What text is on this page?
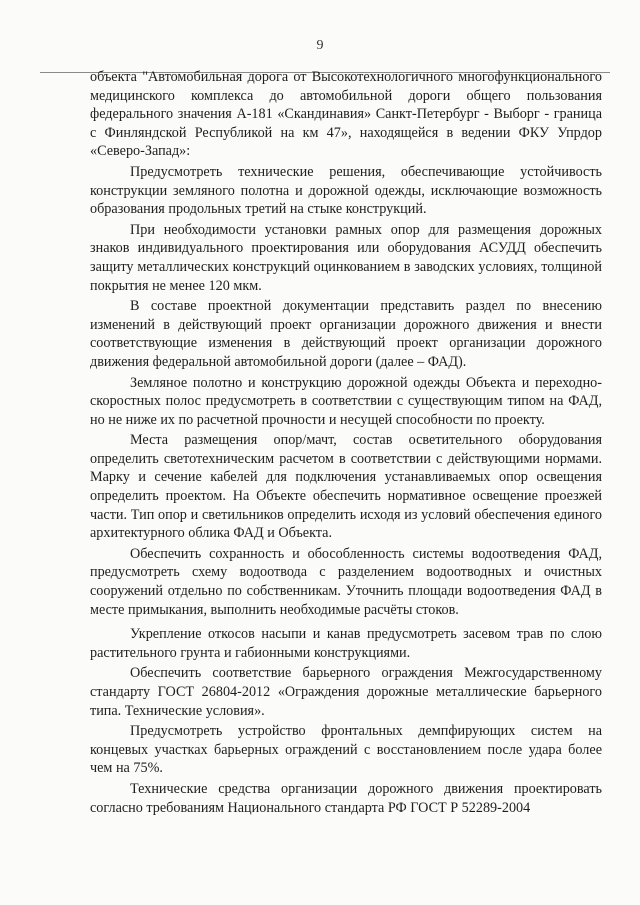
9

объекта "Автомобильная дорога от Высокотехнологичного многофункционального медицинского комплекса до автомобильной дороги общего пользования федерального значения А-181 «Скандинавия» Санкт-Петербург - Выборг - граница с Финляндской Республикой на км 47», находящейся в ведении ФКУ Упрдор «Северо-Запад»:

Предусмотреть технические решения, обеспечивающие устойчивость конструкции земляного полотна и дорожной одежды, исключающие возможность образования продольных третий на стыке конструкций.

При необходимости установки рамных опор для размещения дорожных знаков индивидуального проектирования или оборудования АСУДД обеспечить защиту металлических конструкций оцинкованием в заводских условиях, толщиной покрытия не менее 120 мкм.

В составе проектной документации представить раздел по внесению изменений в действующий проект организации дорожного движения и внести соответствующие изменения в действующий проект организации дорожного движения федеральной автомобильной дороги (далее – ФАД).

Земляное полотно и конструкцию дорожной одежды Объекта и переходно-скоростных полос предусмотреть в соответствии с существующим типом на ФАД, но не ниже их по расчетной прочности и несущей способности по проекту.

Места размещения опор/мачт, состав осветительного оборудования определить светотехническим расчетом в соответствии с действующими нормами. Марку и сечение кабелей для подключения устанавливаемых опор освещения определить проектом. На Объекте обеспечить нормативное освещение проезжей части. Тип опор и светильников определить исходя из условий обеспечения единого архитектурного облика ФАД и Объекта.

Обеспечить сохранность и обособленность системы водоотведения ФАД, предусмотреть схему водоотвода с разделением водоотводных и очистных сооружений отдельно по собственникам. Уточнить площади водоотведения ФАД в месте примыкания, выполнить необходимые расчёты стоков.

Укрепление откосов насыпи и канав предусмотреть засевом трав по слою растительного грунта и габионными конструкциями.

Обеспечить соответствие барьерного ограждения Межгосударственному стандарту ГОСТ 26804-2012 «Ограждения дорожные металлические барьерного типа. Технические условия».

Предусмотреть устройство фронтальных демпфирующих систем на концевых участках барьерных ограждений с восстановлением после удара более чем на 75%.

Технические средства организации дорожного движения проектировать согласно требованиям Национального стандарта РФ ГОСТ Р 52289-2004
